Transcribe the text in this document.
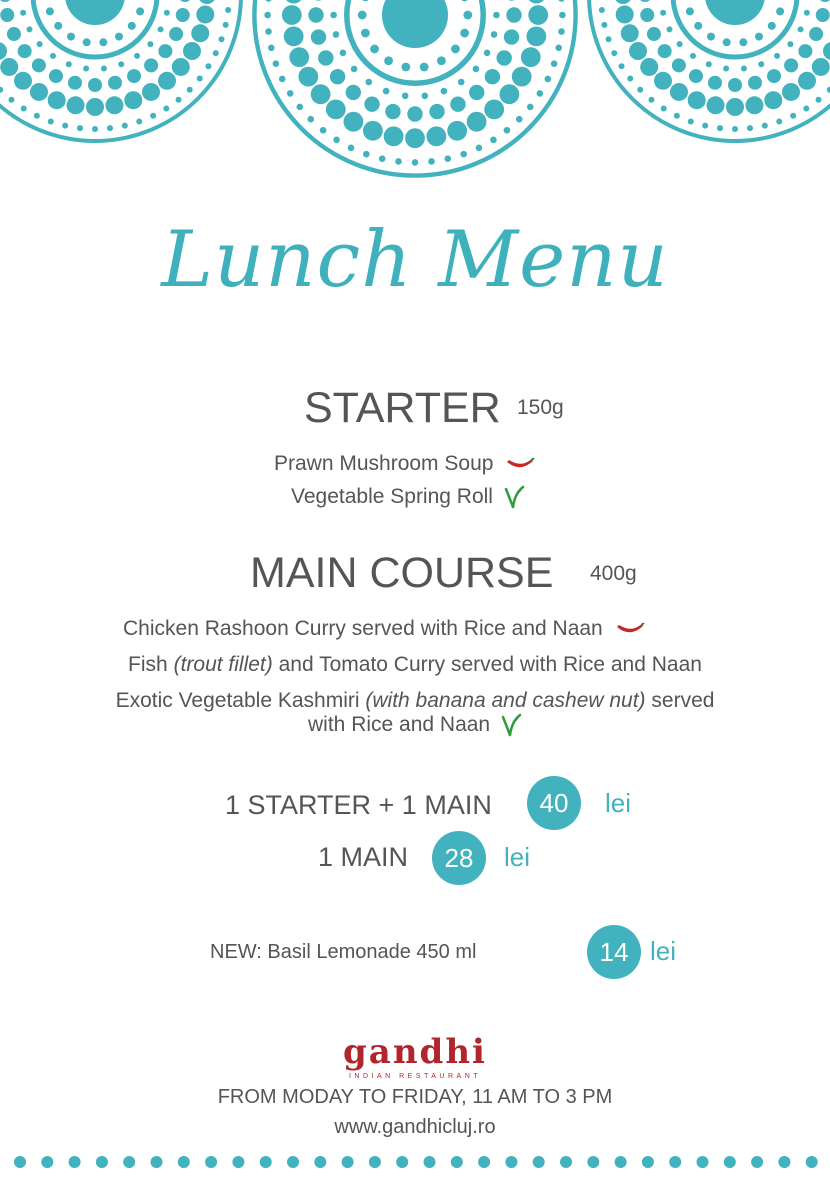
Lunch Menu
STARTER 150g
Prawn Mushroom Soup
Vegetable Spring Roll
MAIN COURSE 400g
Chicken Rashoon Curry served with Rice and Naan
Fish (trout fillet) and Tomato Curry served with Rice and Naan
Exotic Vegetable Kashmiri (with banana and cashew nut) served
with Rice and Naan
1 STARTER + 1 MAIN	40	lei
1 MAIN	28	lei
NEW: Basil Lemonade 450 ml	14 lei
gandhi
INDIAN RESTAURANT
FROM MODAY TO FRIDAY, 11 AM TO 3 PM
www.gandhicluj.ro
